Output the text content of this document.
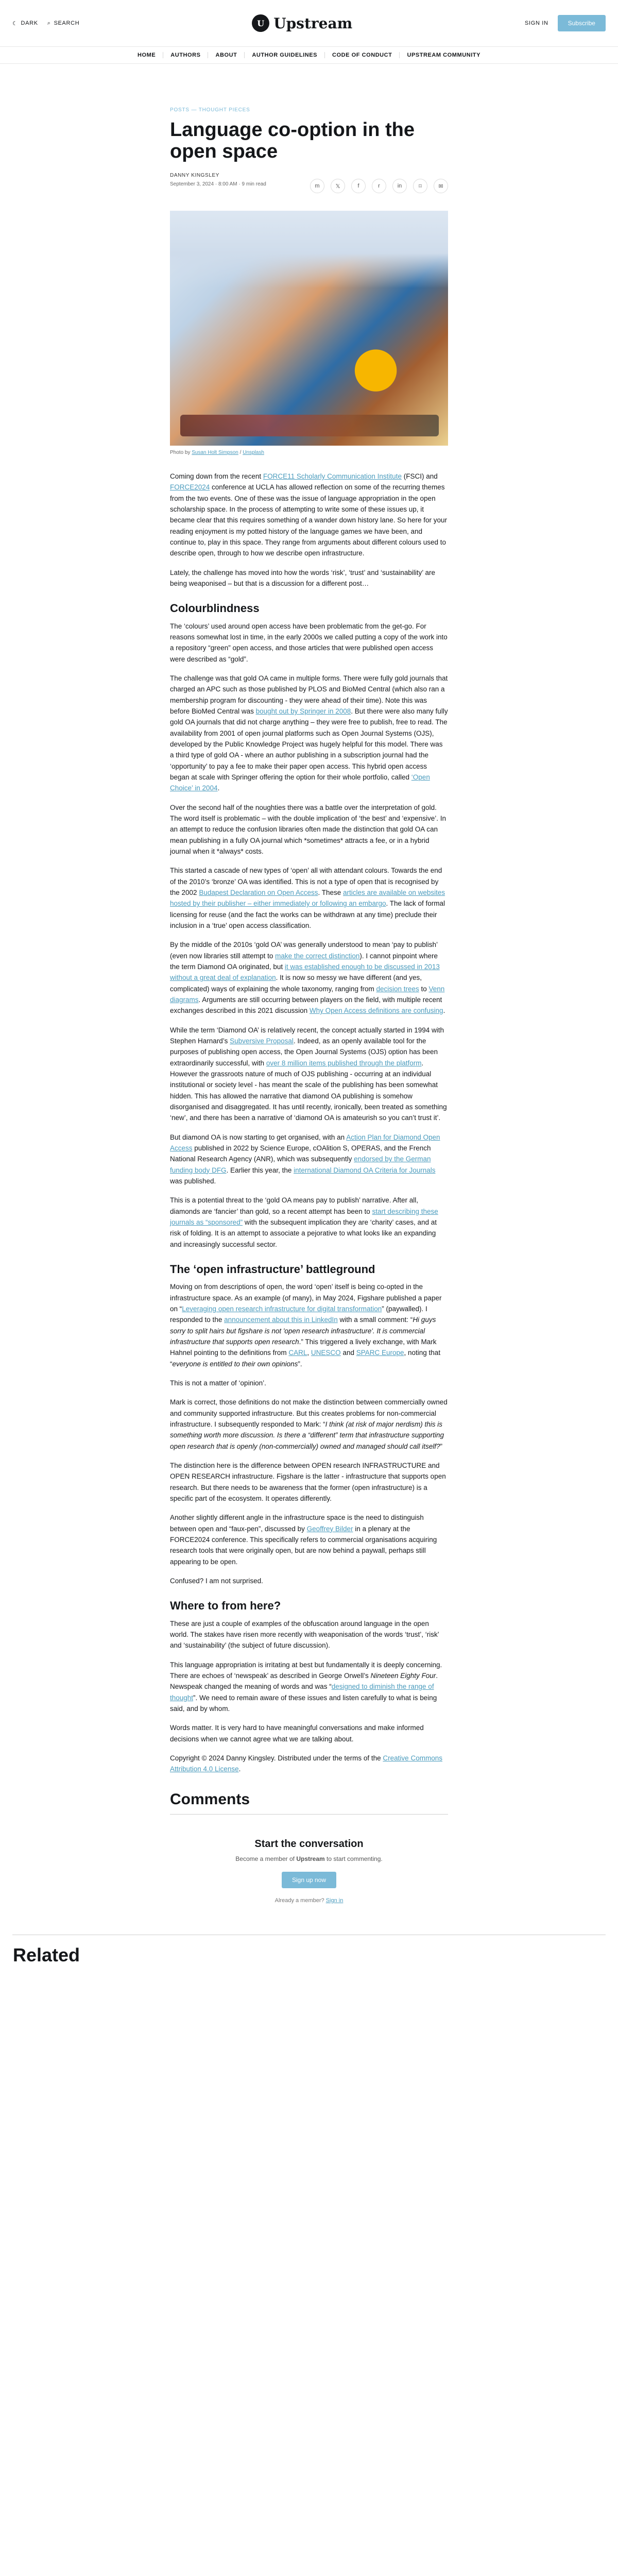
☾ DARK ⌕ SEARCH	U Upstream	SIGN IN	Subscribe
HOME	AUTHORS	ABOUT	AUTHOR GUIDELINES	CODE OF CONDUCT	UPSTREAM COMMUNITY
POSTS — THOUGHT PIECES
Language co-option in the open space
DANNY KINGSLEY
September 3, 2024 · 8:00 AM · 9 min read	m	𝕏	f	r	in	⌑	✉
Photo by Susan Holt Simpson / Unsplash

Coming down from the recent FORCE11 Scholarly Communication Institute (FSCI) and FORCE2024 conference at UCLA has allowed reflection on some of the recurring themes from the two events. One of these was the issue of language appropriation in the open scholarship space. In the process of attempting to write some of these issues up, it became clear that this requires something of a wander down history lane. So here for your reading enjoyment is my potted history of the language games we have been, and continue to, play in this space. They range from arguments about different colours used to describe open, through to how we describe open infrastructure.

Lately, the challenge has moved into how the words ‘risk’, ‘trust’ and ‘sustainability’ are being weaponised – but that is a discussion for a different post…

Colourblindness

The ‘colours’ used around open access have been problematic from the get-go. For reasons somewhat lost in time, in the early 2000s we called putting a copy of the work into a repository “green” open access, and those articles that were published open access were described as “gold”.

The challenge was that gold OA came in multiple forms. There were fully gold journals that charged an APC such as those published by PLOS and BioMed Central (which also ran a membership program for discounting - they were ahead of their time). Note this was before BioMed Central was bought out by Springer in 2008. But there were also many fully gold OA journals that did not charge anything – they were free to publish, free to read. The availability from 2001 of open journal platforms such as Open Journal Systems (OJS), developed by the Public Knowledge Project was hugely helpful for this model. There was a third type of gold OA - where an author publishing in a subscription journal had the ‘opportunity’ to pay a fee to make their paper open access. This hybrid open access began at scale with Springer offering the option for their whole portfolio, called ‘Open Choice’ in 2004.

Over the second half of the noughties there was a battle over the interpretation of gold. The word itself is problematic – with the double implication of ‘the best’ and ‘expensive’. In an attempt to reduce the confusion libraries often made the distinction that gold OA can mean publishing in a fully OA journal which *sometimes* attracts a fee, or in a hybrid journal when it *always* costs.

This started a cascade of new types of ‘open’ all with attendant colours. Towards the end of the 2010’s ‘bronze’ OA was identified. This is not a type of open that is recognised by the 2002 Budapest Declaration on Open Access. These articles are available on websites hosted by their publisher – either immediately or following an embargo. The lack of formal licensing for reuse (and the fact the works can be withdrawn at any time) preclude their inclusion in a ‘true’ open access classification.

By the middle of the 2010s ‘gold OA’ was generally understood to mean ‘pay to publish’ (even now libraries still attempt to make the correct distinction). I cannot pinpoint where the term Diamond OA originated, but it was established enough to be discussed in 2013 without a great deal of explanation. It is now so messy we have different (and yes, complicated) ways of explaining the whole taxonomy, ranging from decision trees to Venn diagrams. Arguments are still occurring between players on the field, with multiple recent exchanges described in this 2021 discussion Why Open Access definitions are confusing.

While the term ‘Diamond OA’ is relatively recent, the concept actually started in 1994 with Stephen Harnard’s Subversive Proposal. Indeed, as an openly available tool for the purposes of publishing open access, the Open Journal Systems (OJS) option has been extraordinarily successful, with over 8 million items published through the platform. However the grassroots nature of much of OJS publishing - occurring at an individual institutional or society level - has meant the scale of the publishing has been somewhat hidden. This has allowed the narrative that diamond OA publishing is somehow disorganised and disaggregated. It has until recently, ironically, been treated as something ‘new’, and there has been a narrative of ‘diamond OA is amateurish so you can’t trust it’.

But diamond OA is now starting to get organised, with an Action Plan for Diamond Open Access published in 2022 by Science Europe, cOAlition S, OPERAS, and the French National Research Agency (ANR), which was subsequently endorsed by the German funding body DFG. Earlier this year, the international Diamond OA Criteria for Journals was published.

This is a potential threat to the ‘gold OA means pay to publish’ narrative. After all, diamonds are ‘fancier’ than gold, so a recent attempt has been to start describing these journals as “sponsored” with the subsequent implication they are ‘charity’ cases, and at risk of folding. It is an attempt to associate a pejorative to what looks like an expanding and increasingly successful sector.

The ‘open infrastructure’ battleground

Moving on from descriptions of open, the word ‘open’ itself is being co-opted in the infrastructure space. As an example (of many), in May 2024, Figshare published a paper on “Leveraging open research infrastructure for digital transformation” (paywalled). I responded to the announcement about this in LinkedIn with a small comment: “Hi guys sorry to split hairs but figshare is not 'open research infrastructure'. It is commercial infrastructure that supports open research.” This triggered a lively exchange, with Mark Hahnel pointing to the definitions from CARL, UNESCO and SPARC Europe, noting that “everyone is entitled to their own opinions”.

This is not a matter of ‘opinion’.

Mark is correct, those definitions do not make the distinction between commercially owned and community supported infrastructure. But this creates problems for non-commercial infrastructure. I subsequently responded to Mark: “I think (at risk of major nerdism) this is something worth more discussion. Is there a “different” term that infrastructure supporting open research that is openly (non-commercially) owned and managed should call itself?”

The distinction here is the difference between OPEN research INFRASTRUCTURE and OPEN RESEARCH infrastructure. Figshare is the latter - infrastructure that supports open research. But there needs to be awareness that the former (open infrastructure) is a specific part of the ecosystem. It operates differently.

Another slightly different angle in the infrastructure space is the need to distinguish between open and “faux-pen”, discussed by Geoffrey Bilder in a plenary at the FORCE2024 conference. This specifically refers to commercial organisations acquiring research tools that were originally open, but are now behind a paywall, perhaps still appearing to be open.

Confused? I am not surprised.

Where to from here?

These are just a couple of examples of the obfuscation around language in the open world. The stakes have risen more recently with weaponisation of the words ‘trust’, ‘risk’ and ‘sustainability’ (the subject of future discussion).

This language appropriation is irritating at best but fundamentally it is deeply concerning. There are echoes of ‘newspeak’ as described in George Orwell’s Nineteen Eighty Four. Newspeak changed the meaning of words and was “designed to diminish the range of thought”. We need to remain aware of these issues and listen carefully to what is being said, and by whom.

Words matter. It is very hard to have meaningful conversations and make informed decisions when we cannot agree what we are talking about.

Copyright © 2024 Danny Kingsley. Distributed under the terms of the Creative Commons Attribution 4.0 License.

Comments
Start the conversation
Become a member of Upstream to start commenting.
Sign up now
Already a member? Sign in
Related
